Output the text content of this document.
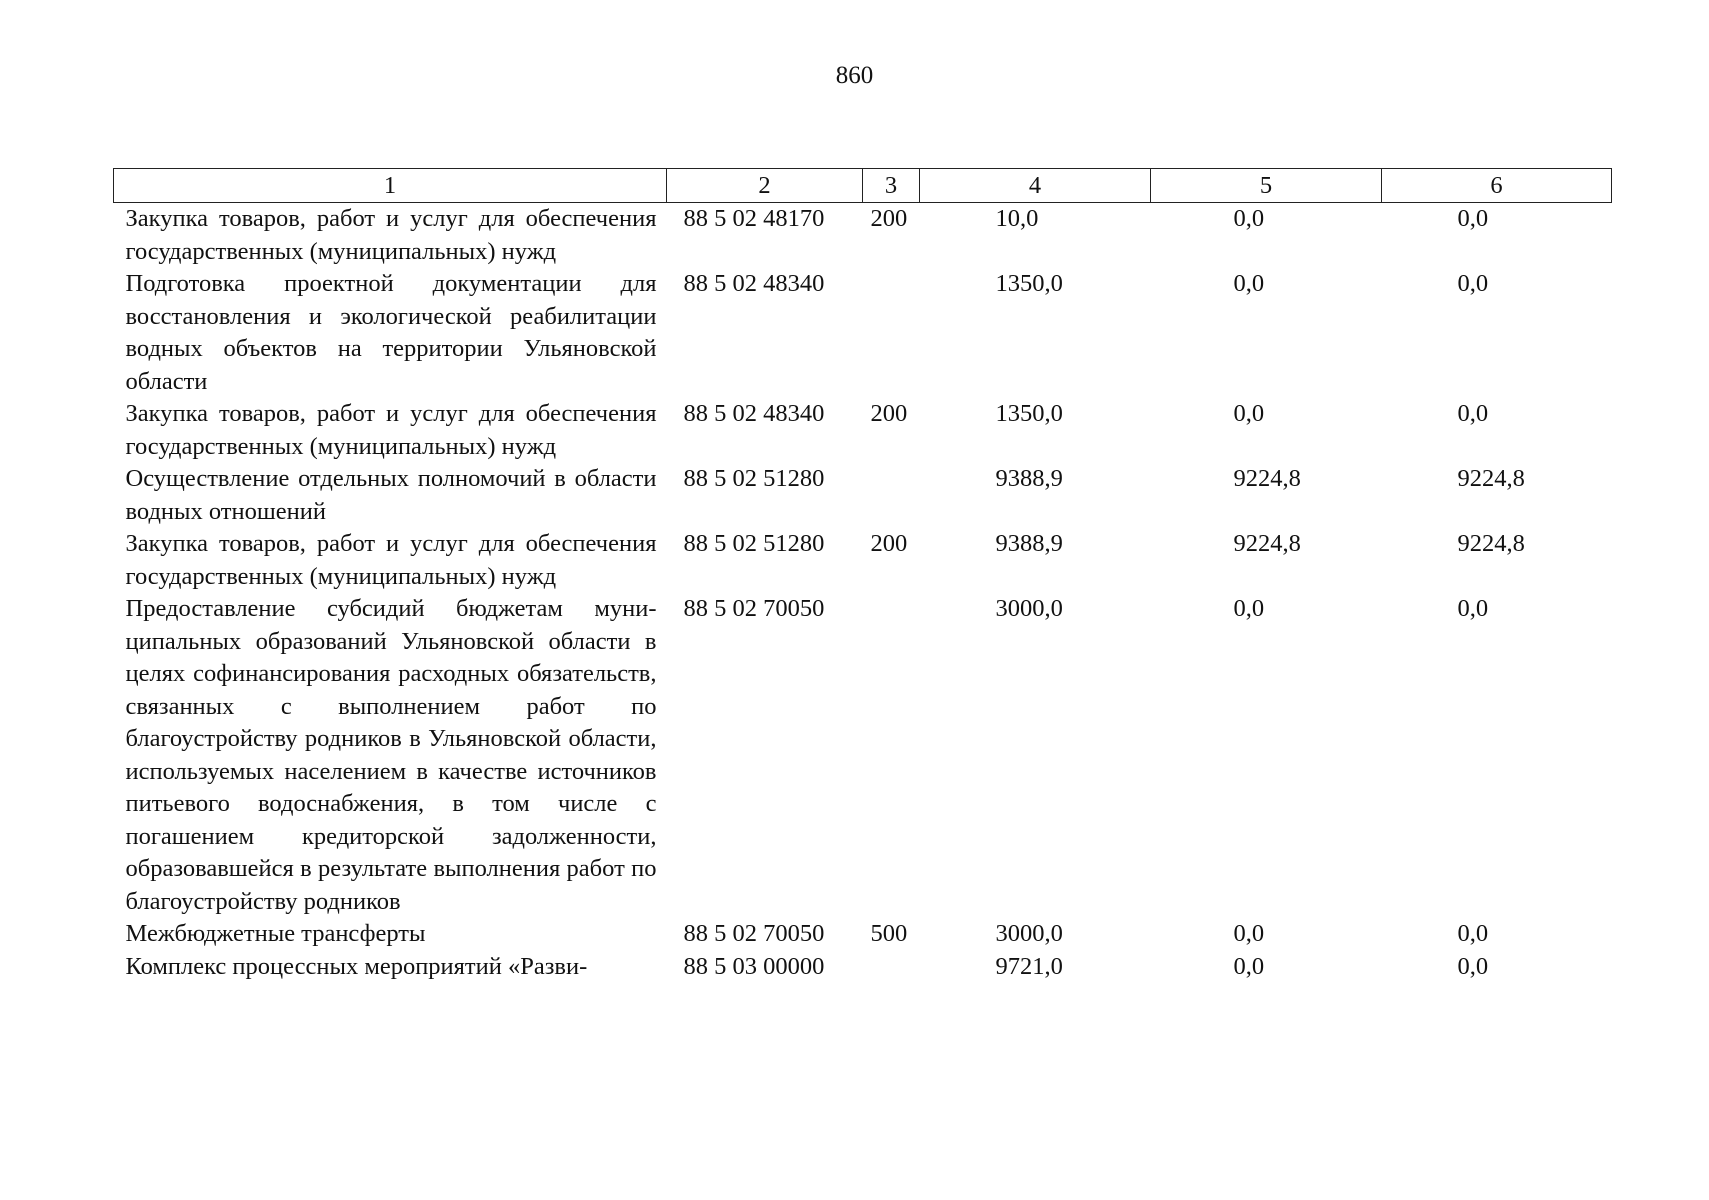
860
1	2	3	4	5	6
Закупка товаров, работ и услуг для обеспечения государственных (муниципальных) нужд	88 5 02 48170	200	10,0	0,0	0,0
Подготовка проектной документации для восстановления и экологической реабилитации водных объектов на территории Ульяновской области	88 5 02 48340		1350,0	0,0	0,0
Закупка товаров, работ и услуг для обеспечения государственных (муниципальных) нужд	88 5 02 48340	200	1350,0	0,0	0,0
Осуществление отдельных полномочий в области водных отношений	88 5 02 51280		9388,9	9224,8	9224,8
Закупка товаров, работ и услуг для обеспечения государственных (муниципальных) нужд	88 5 02 51280	200	9388,9	9224,8	9224,8
Предоставление субсидий бюджетам муниципальных образований Ульяновской области в целях софинансирования расходных обязательств, связанных с выполнением работ по благоустройству родников в Ульяновской области, используемых населением в качестве источников питьевого водоснабжения, в том числе с погашением кредиторской задолженности, образовавшейся в результате выполнения работ по благоустройству родников	88 5 02 70050		3000,0	0,0	0,0
Межбюджетные трансферты	88 5 02 70050	500	3000,0	0,0	0,0
Комплекс процессных мероприятий «Разви-	88 5 03 00000		9721,0	0,0	0,0
